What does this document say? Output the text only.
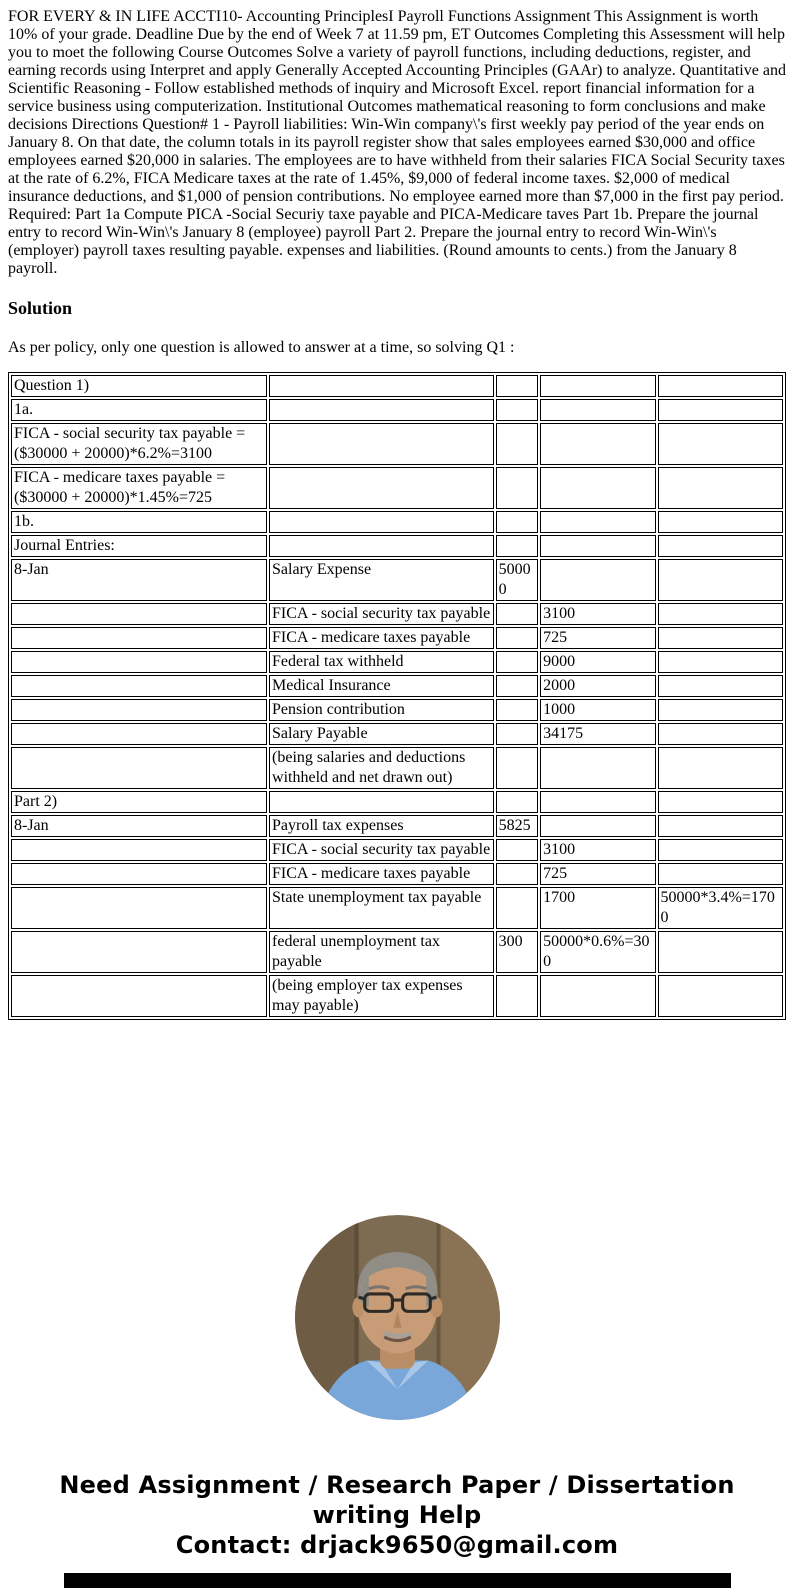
FOR EVERY & IN LIFE ACCTI10- Accounting PrinciplesI Payroll Functions Assignment This Assignment is worth 10% of your grade. Deadline Due by the end of Week 7 at 11.59 pm, ET Outcomes Completing this Assessment will help you to moet the following Course Outcomes Solve a variety of payroll functions, including deductions, register, and earning records using Interpret and apply Generally Accepted Accounting Principles (GAAr) to analyze. Quantitative and Scientific Reasoning - Follow established methods of inquiry and Microsoft Excel. report financial information for a service business using computerization. Institutional Outcomes mathematical reasoning to form conclusions and make decisions Directions Question# 1 - Payroll liabilities: Win-Win company\'s first weekly pay period of the year ends on January 8. On that date, the column totals in its payroll register show that sales employees earned $30,000 and office employees earned $20,000 in salaries. The employees are to have withheld from their salaries FICA Social Security taxes at the rate of 6.2%, FICA Medicare taxes at the rate of 1.45%, $9,000 of federal income taxes. $2,000 of medical insurance deductions, and $1,000 of pension contributions. No employee earned more than $7,000 in the first pay period. Required: Part 1a Compute PICA -Social Securiy taxe payable and PICA-Medicare taves Part 1b. Prepare the journal entry to record Win-Win\'s January 8 (employee) payroll Part 2. Prepare the journal entry to record Win-Win\'s (employer) payroll taxes resulting payable. expenses and liabilities. (Round amounts to cents.) from the January 8 payroll.

Solution

As per policy, only one question is allowed to answer at a time, so solving Q1 :

Question 1)				
1a.				
FICA - social security tax payable = ($30000 + 20000)*6.2%=3100				
FICA - medicare taxes payable = ($30000 + 20000)*1.45%=725				
1b.				
Journal Entries:				
8-Jan	Salary Expense	50000		
	FICA - social security tax payable		3100	
	FICA - medicare taxes payable		725	
	Federal tax withheld		9000	
	Medical Insurance		2000	
	Pension contribution		1000	
	Salary Payable		34175	
	(being salaries and deductions withheld and net drawn out)			
Part 2)				
8-Jan	Payroll tax expenses	5825		
	FICA - social security tax payable		3100	
	FICA - medicare taxes payable		725	
	State unemployment tax payable		1700	50000*3.4%=1700
	federal unemployment tax payable	300	50000*0.6%=300	
	(being employer tax expenses may payable)			
Need Assignment / Research Paper / Dissertation writing Help
Contact: drjack9650@gmail.com
